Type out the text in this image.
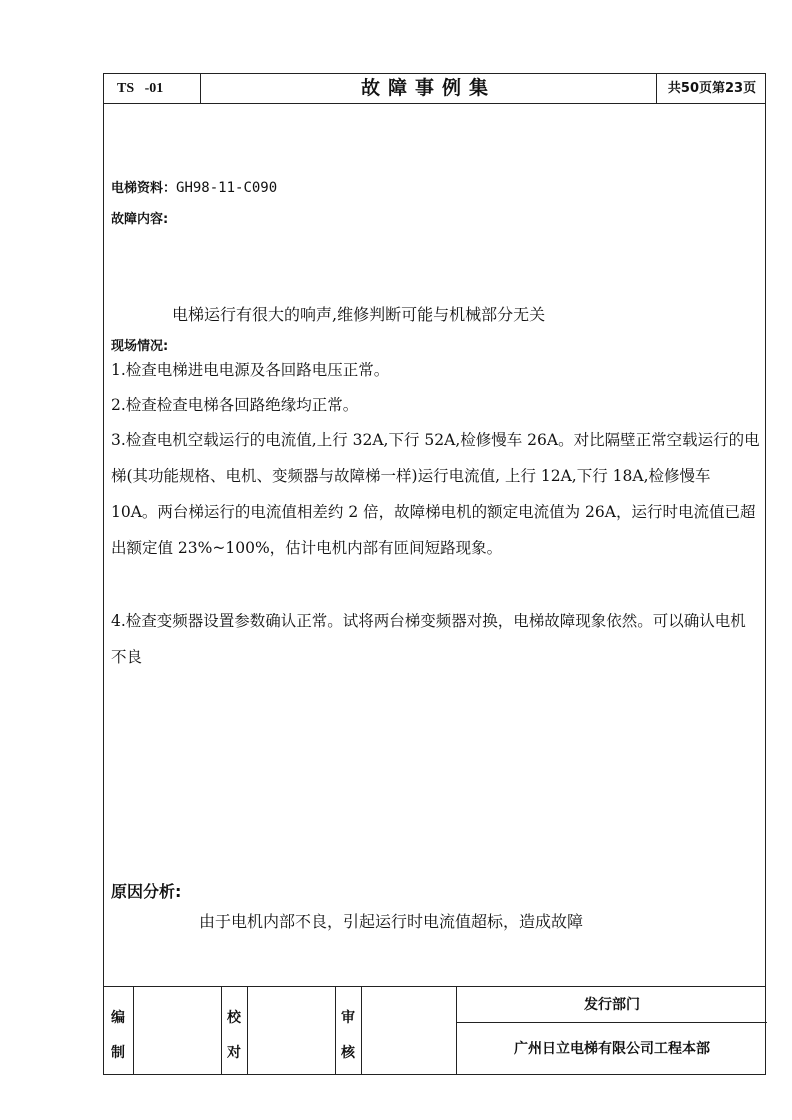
TS   -01	故障事例集	共50页第23页
电梯资料：GH98-11-C090
故障内容:
电梯运行有很大的响声,维修判断可能与机械部分无关
现场情况:
1.检查电梯进电电源及各回路电压正常。
2.检查检查电梯各回路绝缘均正常。
3.检查电机空载运行的电流值,上行 32A,下行 52A,检修慢车 26A。对比隔壁正常空载运行的电梯(其功能规格、电机、变频器与故障梯一样)运行电流值, 上行 12A,下行 18A,检修慢车 10A。两台梯运行的电流值相差约 2 倍，故障梯电机的额定电流值为 26A，运行时电流值已超出额定值 23%~100%，估计电机内部有匝间短路现象。
4.检查变频器设置参数确认正常。试将两台梯变频器对换，电梯故障现象依然。可以确认电机不良
原因分析:
由于电机内部不良，引起运行时电流值超标，造成故障
编
制
校
对
审
核
发行部门
广州日立电梯有限公司工程本部
